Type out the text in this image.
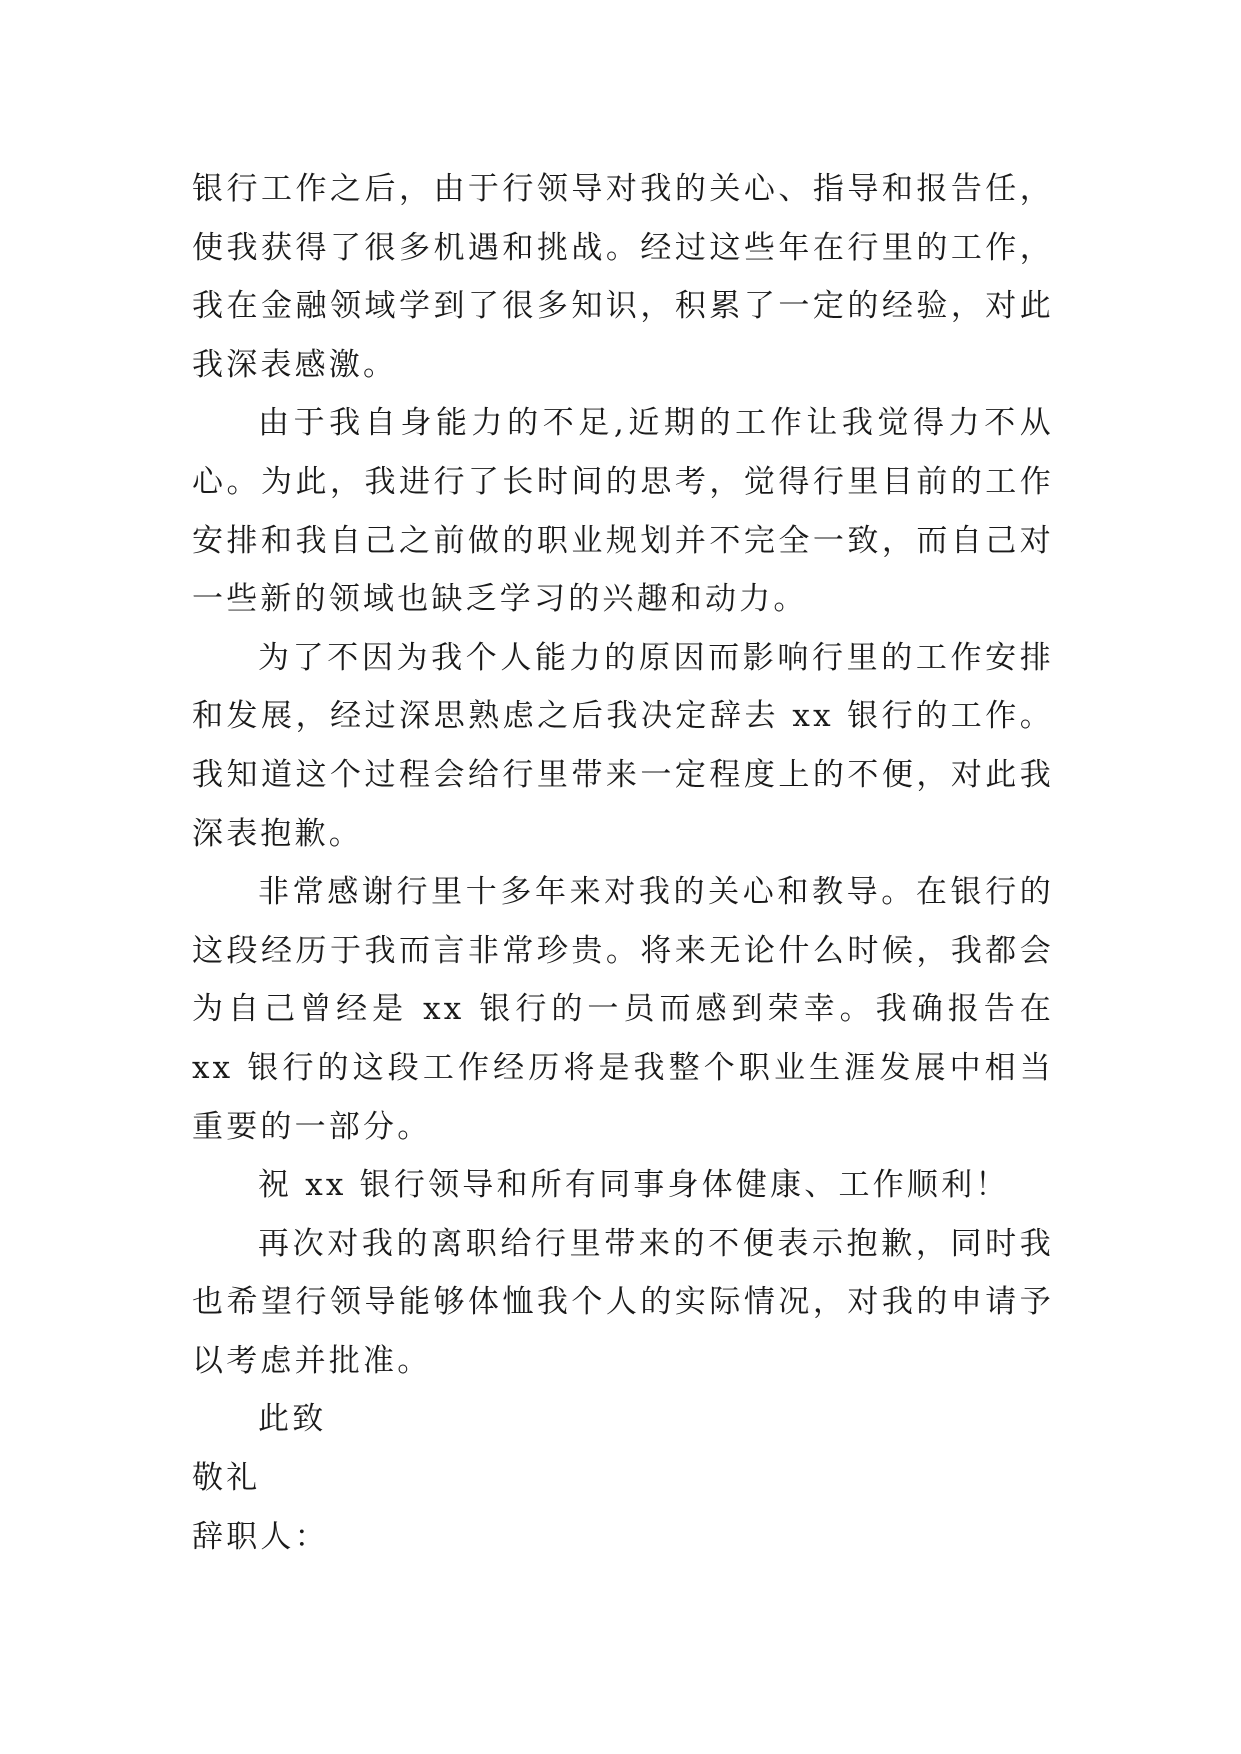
银行工作之后，由于行领导对我的关心、指导和报告任，使我获得了很多机遇和挑战。经过这些年在行里的工作，我在金融领域学到了很多知识，积累了一定的经验，对此我深表感激。

由于我自身能力的不足,近期的工作让我觉得力不从心。为此，我进行了长时间的思考，觉得行里目前的工作安排和我自己之前做的职业规划并不完全一致，而自己对一些新的领域也缺乏学习的兴趣和动力。

为了不因为我个人能力的原因而影响行里的工作安排和发展，经过深思熟虑之后我决定辞去 xx 银行的工作。我知道这个过程会给行里带来一定程度上的不便，对此我深表抱歉。

非常感谢行里十多年来对我的关心和教导。在银行的这段经历于我而言非常珍贵。将来无论什么时候，我都会为自己曾经是 xx 银行的一员而感到荣幸。我确报告在 xx 银行的这段工作经历将是我整个职业生涯发展中相当重要的一部分。

祝 xx 银行领导和所有同事身体健康、工作顺利！

再次对我的离职给行里带来的不便表示抱歉，同时我也希望行领导能够体恤我个人的实际情况，对我的申请予以考虑并批准。

此致

敬礼

辞职人：
